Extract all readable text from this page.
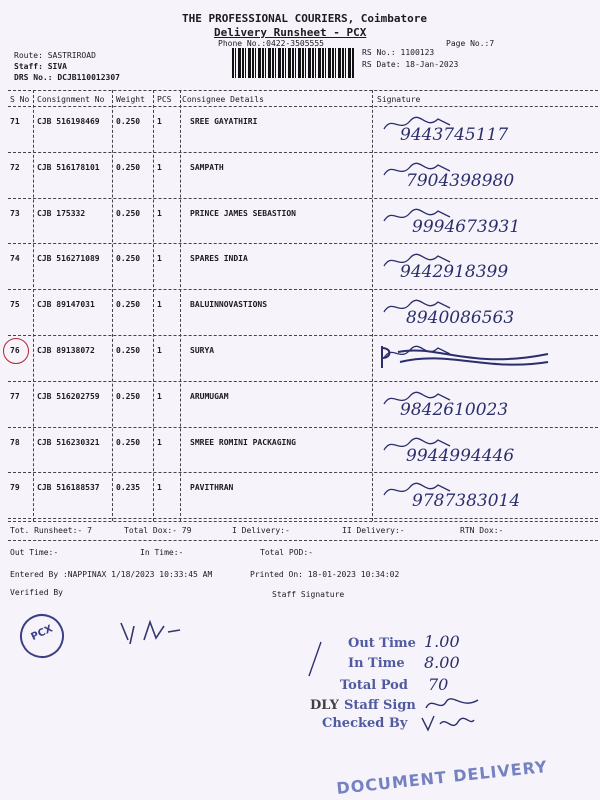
THE PROFESSIONAL COURIERS, Coimbatore
Delivery Runsheet - PCX
Phone No.:0422-3505555	Page No.:7
Route: SASTRIROAD
Staff: SIVA
DRS No.: DCJB110012307
RS No.: 1100123
RS Date: 18-Jan-2023
S No Consignment No Weight PCS Consignee Details	Signature
71 CJB 516198469 0.250 1	SREE GAYATHIRI
9443745117
72 CJB 516178101 0.250 1	SAMPATH
7904398980
73 CJB 175332	0.250 1	PRINCE JAMES SEBASTION
9994673931
74 CJB 516271089 0.250 1	SPARES INDIA
9442918399
75 CJB 89147031	0.250 1	BALUINNOVASTIONS
8940086563
76 CJB 89138072	0.250 1	SURYA
77 CJB 516202759 0.250 1	ARUMUGAM
9842610023
78 CJB 516230321 0.250 1	SMREE ROMINI PACKAGING
9944994446
79 CJB 516188537 0.235 1	PAVITHRAN
9787383014
Tot. Runsheet:- 7	Total Dox:- 79	I Delivery:-	II Delivery:-	RTN Dox:-
Out Time:-	In Time:-	Total POD:-
Entered By :NAPPINAX 1/18/2023 10:33:45 AM	Printed On: 18-01-2023 10:34:02
Verified By	Staff Signature
PCX
Out Time 1.00
In Time 8.00
Total Pod 70
DLY Staff Sign
Checked By
DOCUMENT DELIVERY
